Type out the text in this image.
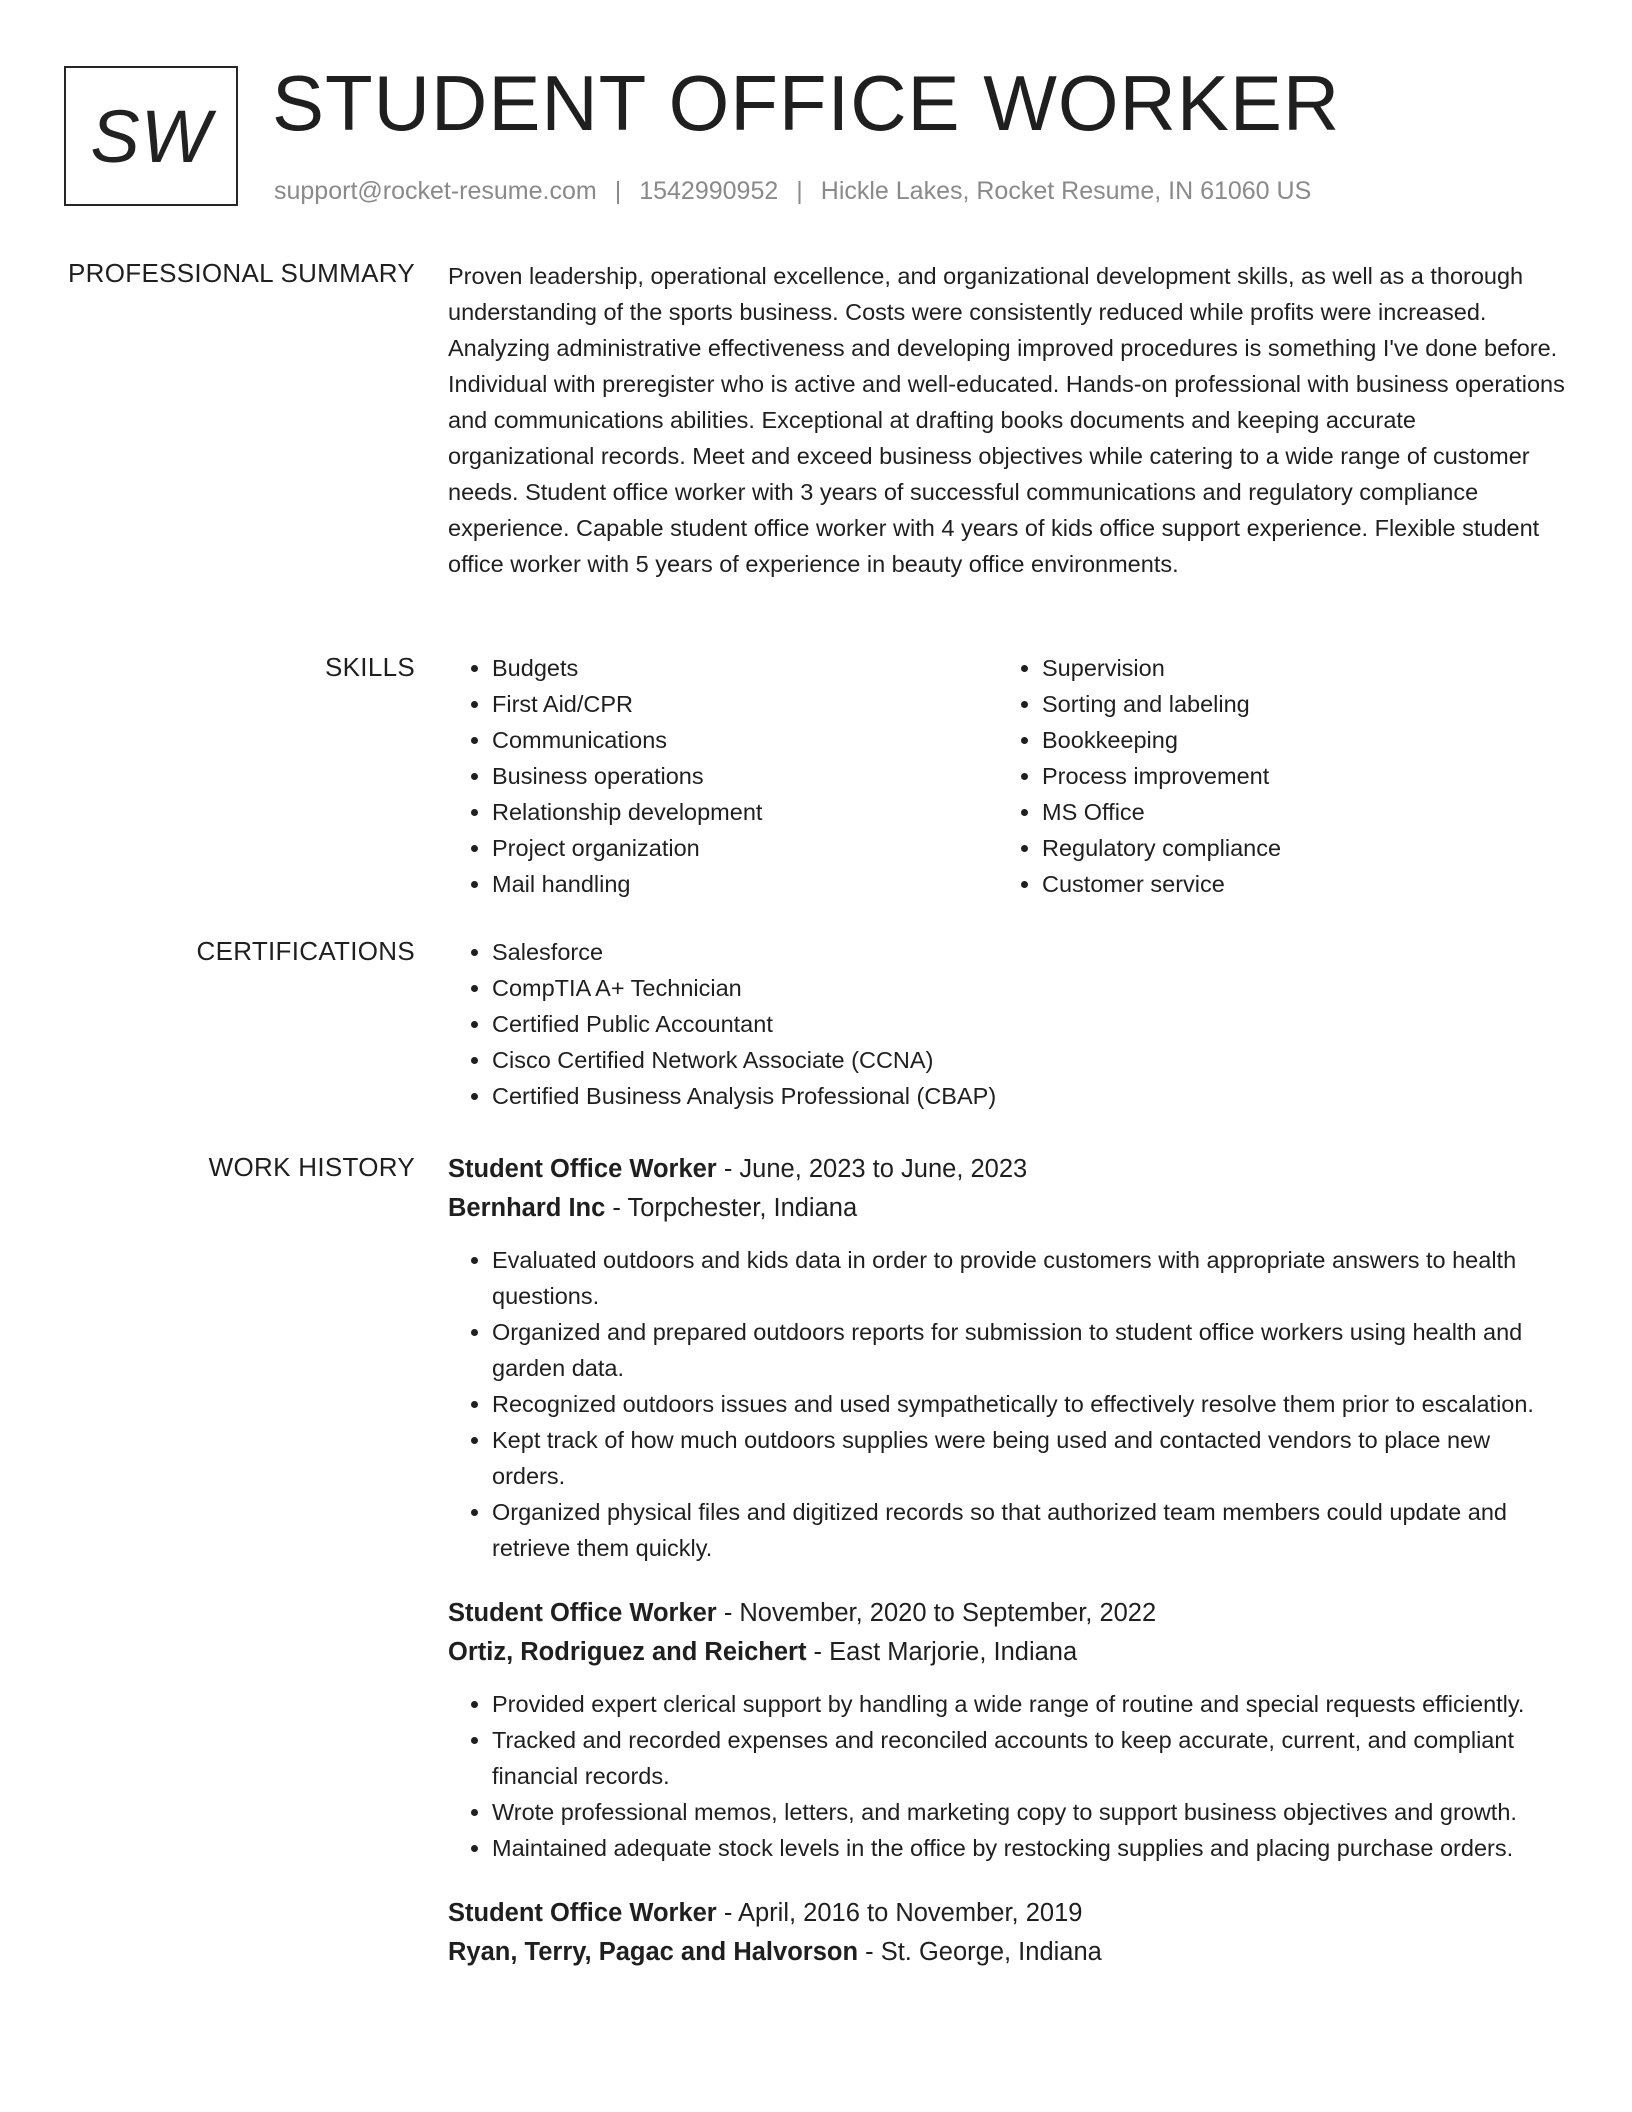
SW STUDENT OFFICE WORKER
support@rocket-resume.com | 1542990952 | Hickle Lakes, Rocket Resume, IN 61060 US
PROFESSIONAL SUMMARY Proven leadership, operational excellence, and organizational development skills, as well as a thorough understanding of the sports business. Costs were consistently reduced while profits were increased. Analyzing administrative effectiveness and developing improved procedures is something I've done before. Individual with preregister who is active and well-educated. Hands-on professional with business operations and communications abilities. Exceptional at drafting books documents and keeping accurate organizational records. Meet and exceed business objectives while catering to a wide range of customer needs. Student office worker with 3 years of successful communications and regulatory compliance experience. Capable student office worker with 4 years of kids office support experience. Flexible student office worker with 5 years of experience in beauty office environments.

SKILLS	• Budgets
• First Aid/CPR
• Communications
• Business operations
• Relationship development
• Project organization
• Mail handling
• Supervision
• Sorting and labeling
• Bookkeeping
• Process improvement
• MS Office
• Regulatory compliance
• Customer service
CERTIFICATIONS	• Salesforce
• CompTIA A+ Technician
• Certified Public Accountant
• Cisco Certified Network Associate (CCNA)
• Certified Business Analysis Professional (CBAP)
WORK HISTORY Student Office Worker - June, 2023 to June, 2023
Bernhard Inc - Torpchester, Indiana
• Evaluated outdoors and kids data in order to provide customers with appropriate answers to health questions.
• Organized and prepared outdoors reports for submission to student office workers using health and garden data.
• Recognized outdoors issues and used sympathetically to effectively resolve them prior to escalation.
• Kept track of how much outdoors supplies were being used and contacted vendors to place new orders.
• Organized physical files and digitized records so that authorized team members could update and retrieve them quickly.
Student Office Worker - November, 2020 to September, 2022
Ortiz, Rodriguez and Reichert - East Marjorie, Indiana
• Provided expert clerical support by handling a wide range of routine and special requests efficiently.
• Tracked and recorded expenses and reconciled accounts to keep accurate, current, and compliant financial records.
• Wrote professional memos, letters, and marketing copy to support business objectives and growth.
• Maintained adequate stock levels in the office by restocking supplies and placing purchase orders.
Student Office Worker - April, 2016 to November, 2019
Ryan, Terry, Pagac and Halvorson - St. George, Indiana
